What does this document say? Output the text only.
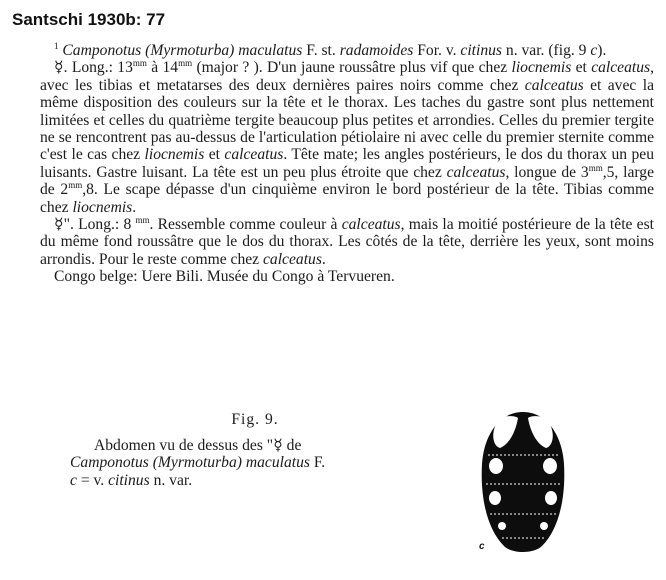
Santschi 1930b: 77

$^1$ Camponotus (Myrmoturba) maculatus F. st. radamoides For. v. citinus n. var. (fig. 9 c).

☿. Long.: $13^{mm}$ à $14^{mm}$ (major ? ). D'un jaune roussâtre plus vif que chez liocnemis et calceatus, avec les tibias et metatarses des deux dernières paires noirs comme chez calceatus et avec la même disposition des couleurs sur la tête et le thorax. Les taches du gastre sont plus nettement limitées et celles du quatrième tergite beaucoup plus petites et arrondies. Celles du premier tergite ne se rencontrent pas au-dessus de l'articulation pétiolaire ni avec celle du premier sternite comme c'est le cas chez liocnemis et calceatus. Tête mate; les angles postérieurs, le dos du thorax un peu luisants. Gastre luisant. La tête est un peu plus étroite que chez calceatus, longue de $3^{mm},5$, large de $2^{mm},8$. Le scape dépasse d'un cinquième environ le bord postérieur de la tête. Tibias comme chez liocnemis.

☿". Long.: 8 $^{mm}$. Ressemble comme couleur à calceatus, mais la moitié postérieure de la tête est du même fond roussâtre que le dos du thorax. Les côtés de la tête, derrière les yeux, sont moins arrondis. Pour le reste comme chez calceatus.

Congo belge: Uere Bili. Musée du Congo à Tervueren.

Fig. 9.
Abdomen vu de dessus des "☿ de
Camponotus (Myrmoturba) maculatus F.
c = v. citinus n. var.
c
